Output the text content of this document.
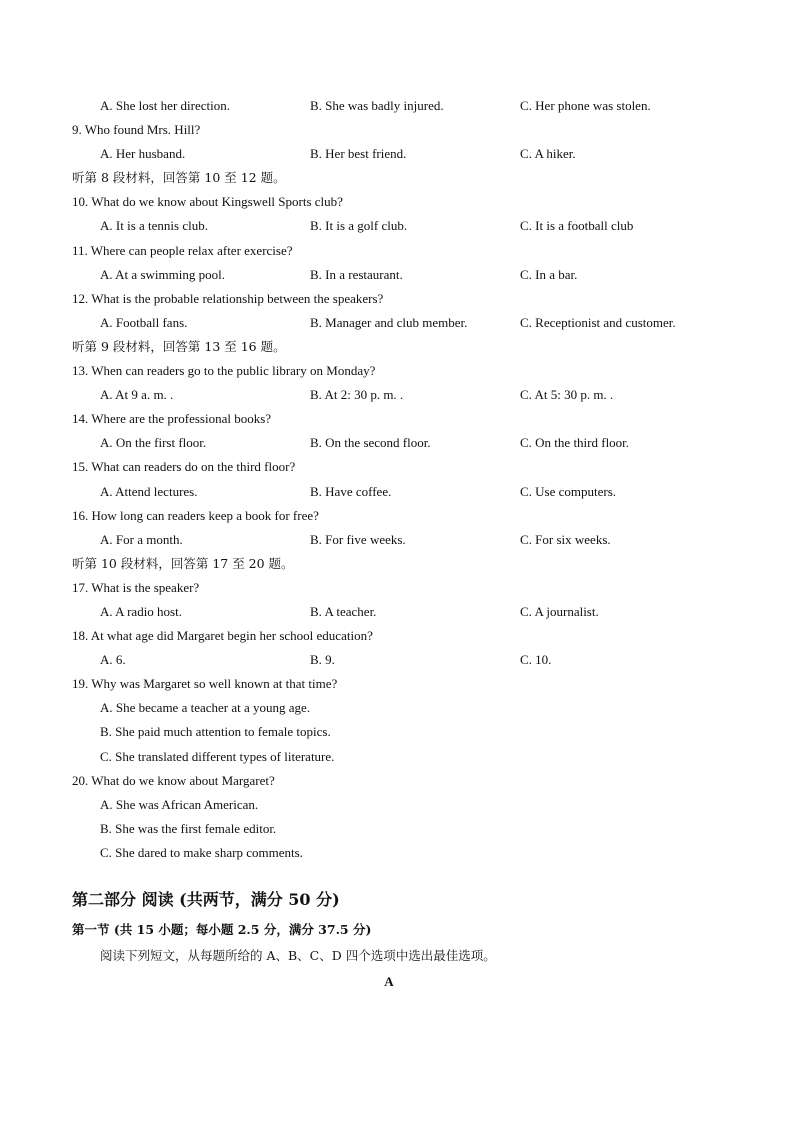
A. She lost her direction.	B. She was badly injured.	C. Her phone was stolen.
9. Who found Mrs. Hill?
A. Her husband.	B. Her best friend.	C. A hiker.
听第 8 段材料，回答第 10 至 12 题。
10. What do we know about Kingswell Sports club?
A. It is a tennis club.	B. It is a golf club.	C. It is a football club
11. Where can people relax after exercise?
A. At a swimming pool.	B. In a restaurant.	C. In a bar.
12. What is the probable relationship between the speakers?
A. Football fans.	B. Manager and club member.	C. Receptionist and customer.
听第 9 段材料，回答第 13 至 16 题。
13. When can readers go to the public library on Monday?
A. At 9 a. m. .	B. At 2: 30 p. m. .	C. At 5: 30 p. m. .
14. Where are the professional books?
A. On the first floor.	B. On the second floor.	C. On the third floor.
15. What can readers do on the third floor?
A. Attend lectures.	B. Have coffee.	C. Use computers.
16. How long can readers keep a book for free?
A. For a month.	B. For five weeks.	C. For six weeks.
听第 10 段材料，回答第 17 至 20 题。
17. What is the speaker?
A. A radio host.	B. A teacher.	C. A journalist.
18. At what age did Margaret begin her school education?
A. 6.	B. 9.	C. 10.
19. Why was Margaret so well known at that time?
A. She became a teacher at a young age.
B. She paid much attention to female topics.
C. She translated different types of literature.
20. What do we know about Margaret?
A. She was African American.
B. She was the first female editor.
C. She dared to make sharp comments.
第二部分 阅读 (共两节，满分 50 分)
第一节 (共 15 小题；每小题 2.5 分，满分 37.5 分)
阅读下列短文，从每题所给的 A、B、C、D 四个选项中选出最佳选项。
A
